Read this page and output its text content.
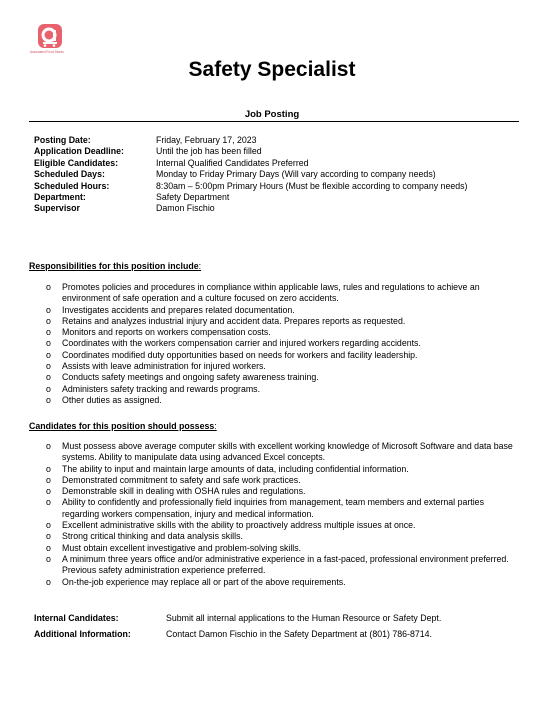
Associated Food Stores
Safety Specialist
Job Posting
Posting Date:	Friday, February 17, 2023
Application Deadline:	Until the job has been filled
Eligible Candidates:	Internal Qualified Candidates Preferred
Scheduled Days:	Monday to Friday Primary Days (Will vary according to company needs)
Scheduled Hours:	8:30am – 5:00pm Primary Hours (Must be flexible according to company needs)
Department:	Safety Department
Supervisor	Damon Fischio
Responsibilities for this position include:
o Promotes policies and procedures in compliance within applicable laws, rules and regulations to achieve an environment of safe operation and a culture focused on zero accidents.
o Investigates accidents and prepares related documentation.
o Retains and analyzes industrial injury and accident data. Prepares reports as requested.
o Monitors and reports on workers compensation costs.
o Coordinates with the workers compensation carrier and injured workers regarding accidents.
o Coordinates modified duty opportunities based on needs for workers and facility leadership.
o Assists with leave administration for injured workers.
o Conducts safety meetings and ongoing safety awareness training.
o Administers safety tracking and rewards programs.
o Other duties as assigned.
Candidates for this position should possess:
o Must possess above average computer skills with excellent working knowledge of Microsoft Software and data base systems. Ability to manipulate data using advanced Excel concepts.
o The ability to input and maintain large amounts of data, including confidential information.
o Demonstrated commitment to safety and safe work practices.
o Demonstrable skill in dealing with OSHA rules and regulations.
o Ability to confidently and professionally field inquiries from management, team members and external parties regarding workers compensation, injury and medical information.
o Excellent administrative skills with the ability to proactively address multiple issues at once.
o Strong critical thinking and data analysis skills.
o Must obtain excellent investigative and problem-solving skills.
o A minimum three years office and/or administrative experience in a fast-paced, professional environment preferred. Previous safety administration experience preferred.
o On-the-job experience may replace all or part of the above requirements.
Internal Candidates:	Submit all internal applications to the Human Resource or Safety Dept.
Additional Information:	Contact Damon Fischio in the Safety Department at (801) 786-8714.
